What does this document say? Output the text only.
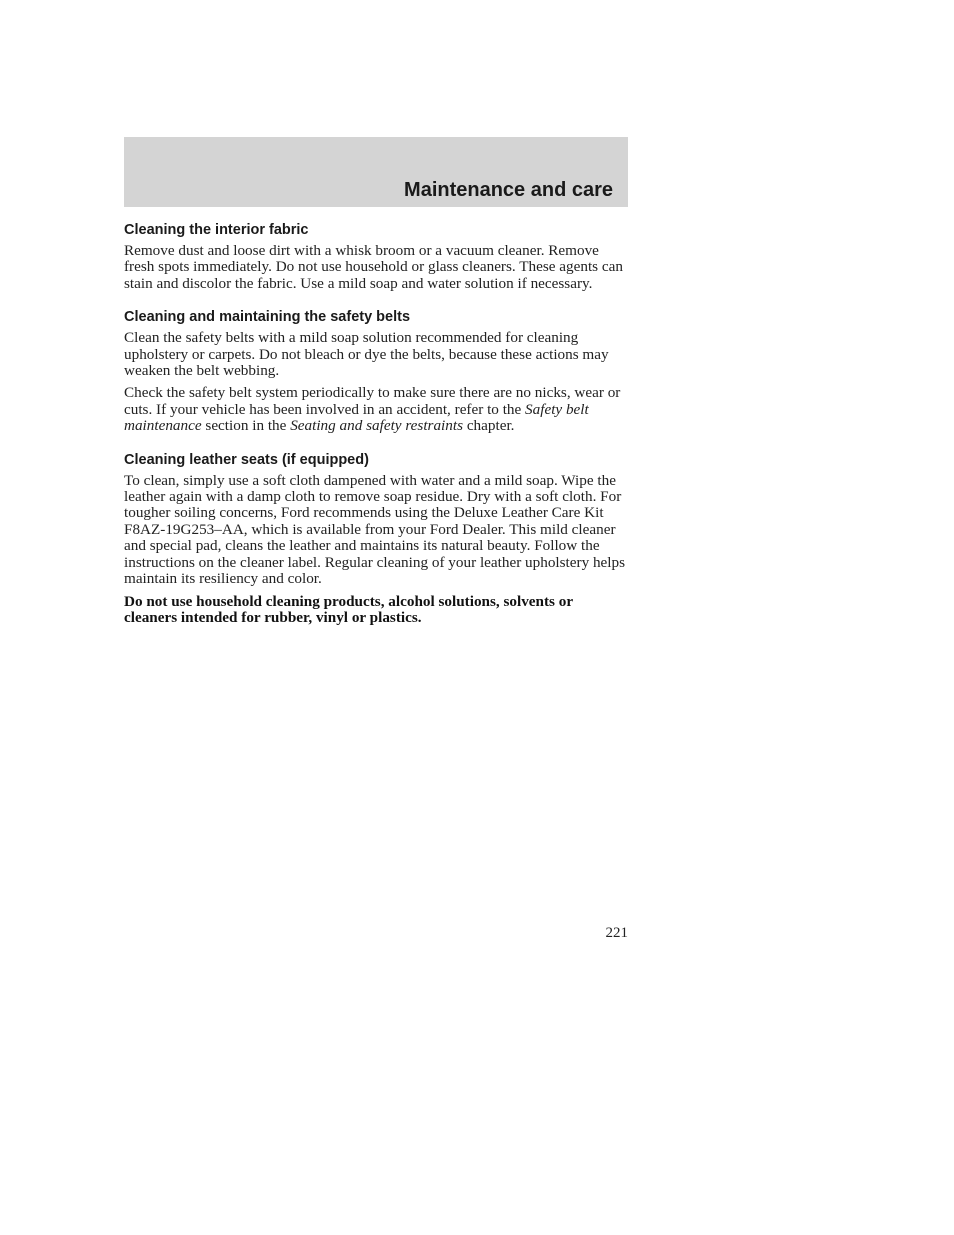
Maintenance and care
Cleaning the interior fabric

Remove dust and loose dirt with a whisk broom or a vacuum cleaner. Remove fresh spots immediately. Do not use household or glass cleaners. These agents can stain and discolor the fabric. Use a mild soap and water solution if necessary.

Cleaning and maintaining the safety belts

Clean the safety belts with a mild soap solution recommended for cleaning upholstery or carpets. Do not bleach or dye the belts, because these actions may weaken the belt webbing.

Check the safety belt system periodically to make sure there are no nicks, wear or cuts. If your vehicle has been involved in an accident, refer to the Safety belt maintenance section in the Seating and safety restraints chapter.

Cleaning leather seats (if equipped)

To clean, simply use a soft cloth dampened with water and a mild soap. Wipe the leather again with a damp cloth to remove soap residue. Dry with a soft cloth. For tougher soiling concerns, Ford recommends using the Deluxe Leather Care Kit F8AZ-19G253–AA, which is available from your Ford Dealer. This mild cleaner and special pad, cleans the leather and maintains its natural beauty. Follow the instructions on the cleaner label. Regular cleaning of your leather upholstery helps maintain its resiliency and color.

Do not use household cleaning products, alcohol solutions, solvents or cleaners intended for rubber, vinyl or plastics.

221
